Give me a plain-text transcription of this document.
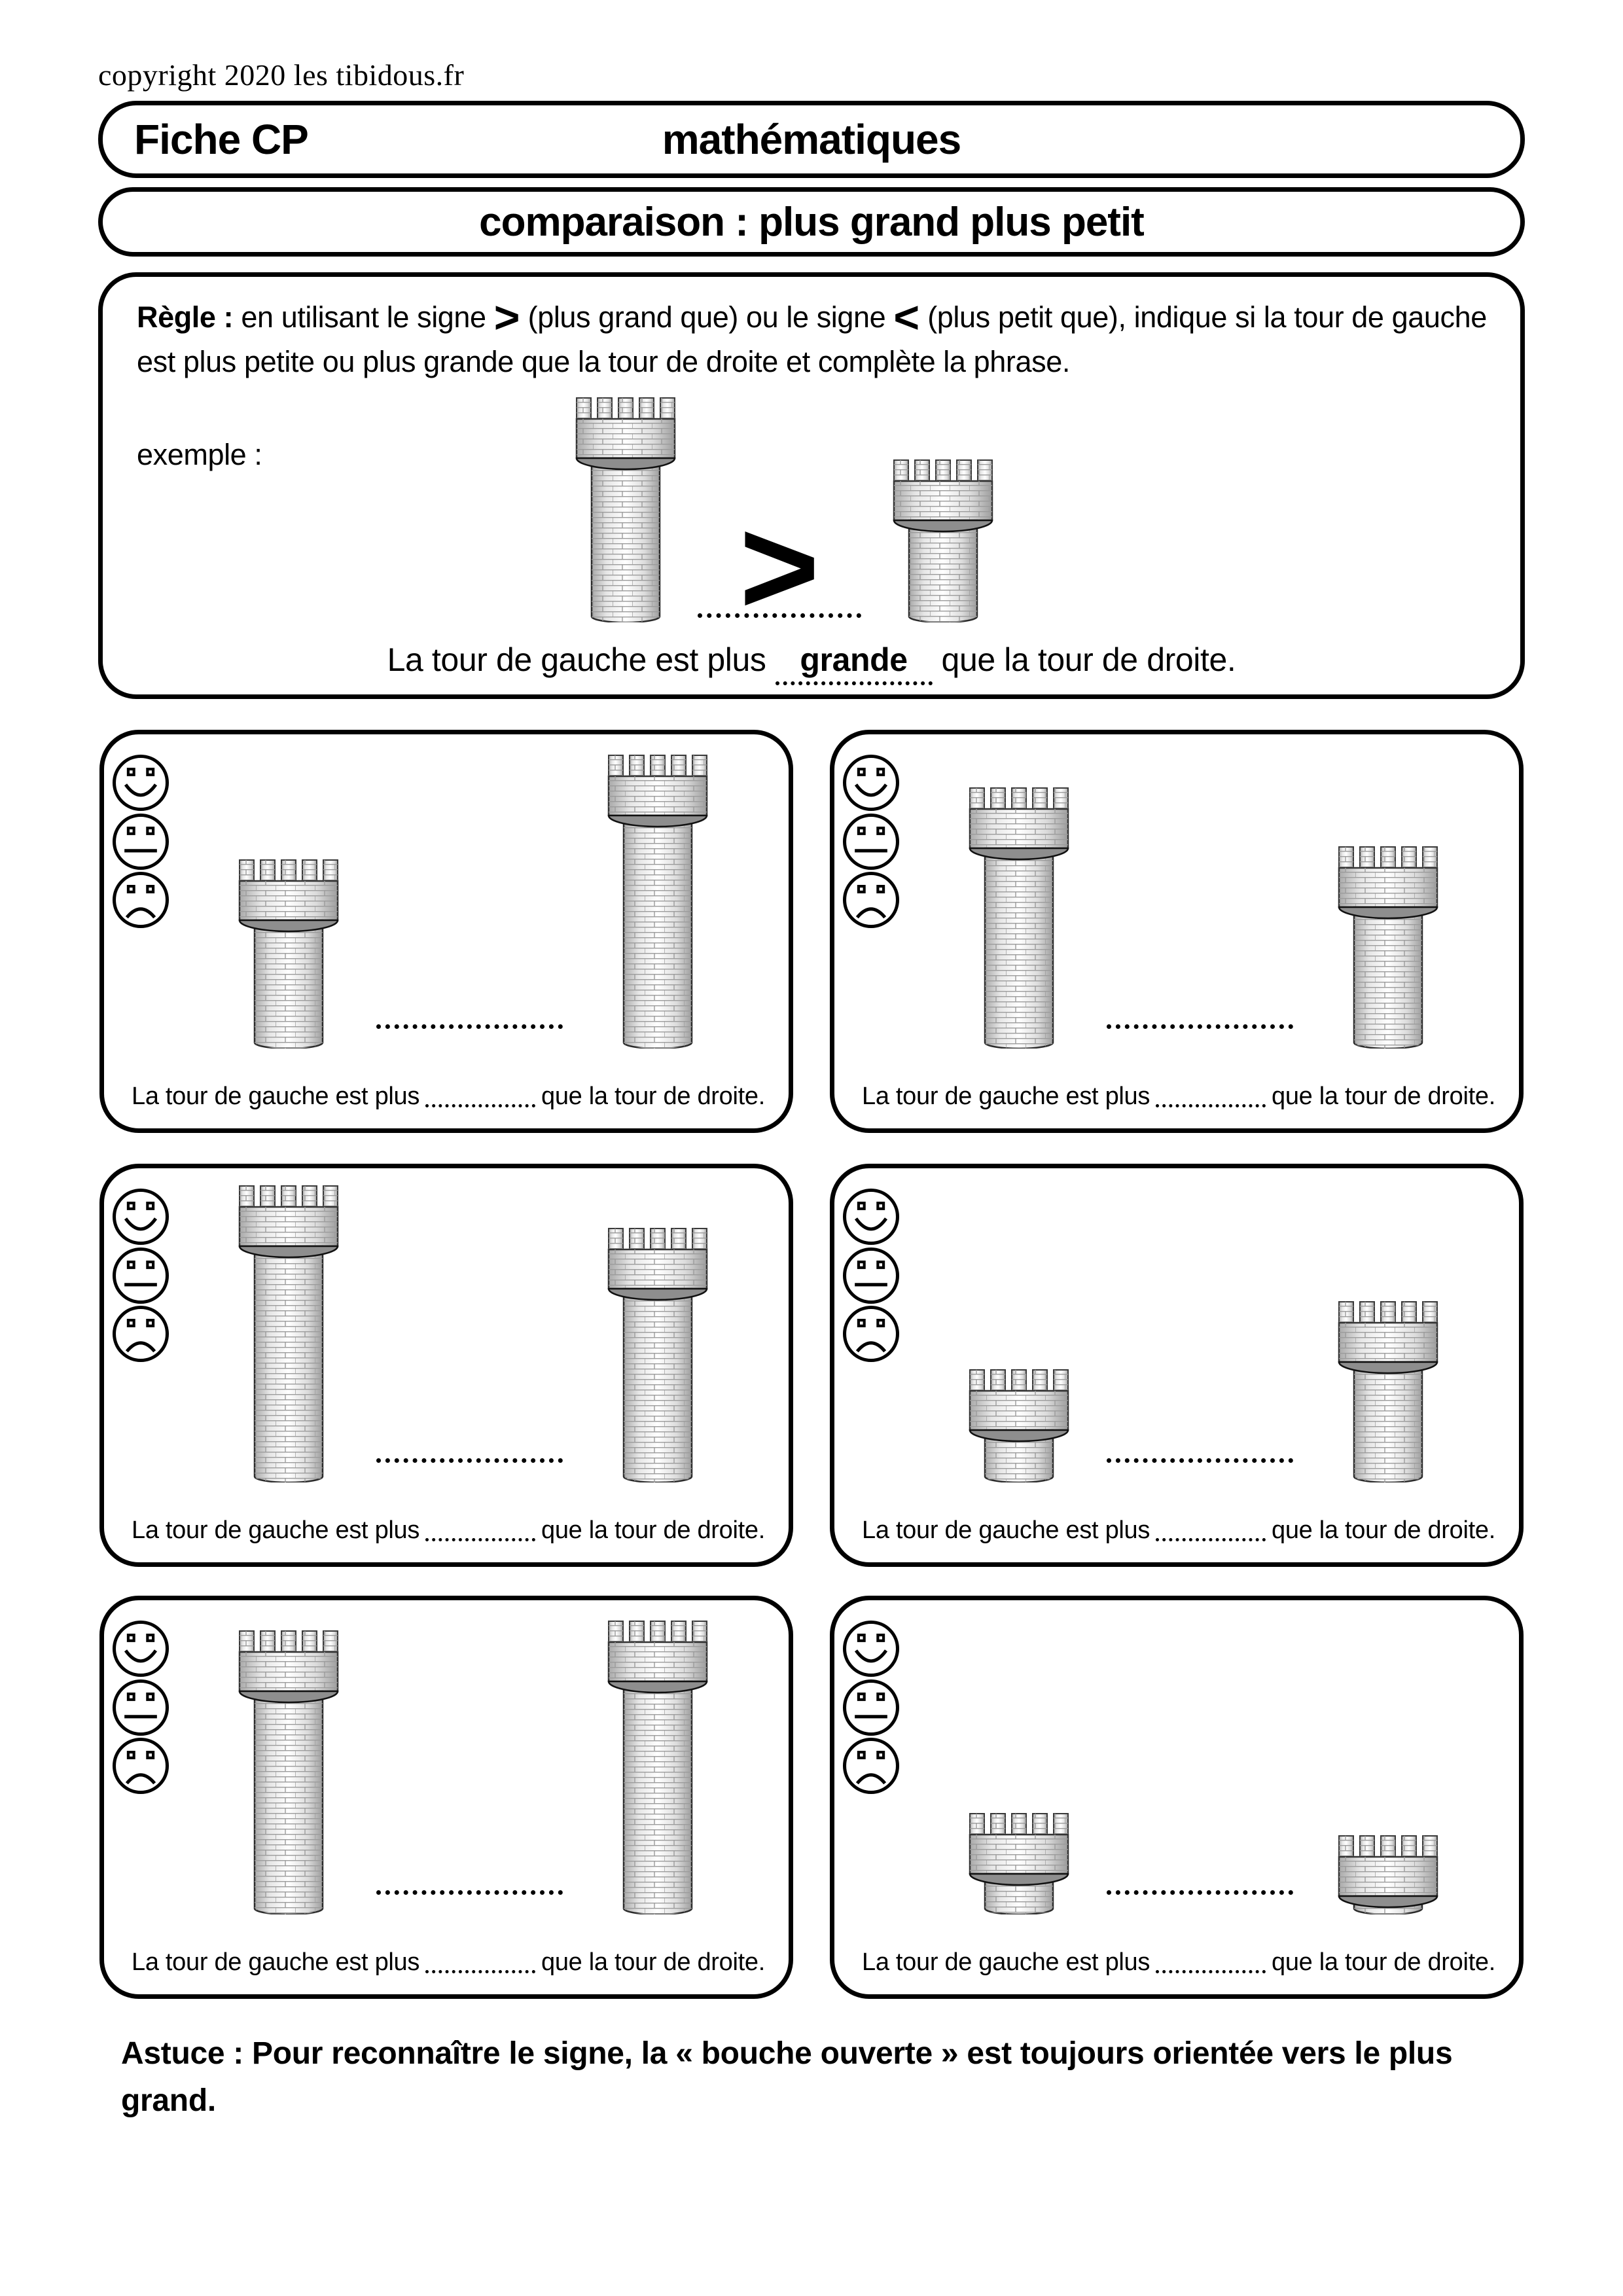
copyright 2020 les tibidous.fr
Fiche CP	mathématiques
comparaison : plus grand plus petit
Règle : en utilisant le signe > (plus grand que) ou le signe < (plus petit que), indique si la tour de gauche est plus petite ou plus grande que la tour de droite et complète la phrase.
exemple :
>
La tour de gauche est plus grande que la tour de droite.
La tour de gauche est plus	que la tour de droite.	La tour de gauche est plus	que la tour de droite.
La tour de gauche est plus	que la tour de droite.	La tour de gauche est plus	que la tour de droite.
La tour de gauche est plus	que la tour de droite.	La tour de gauche est plus	que la tour de droite.
Astuce : Pour reconnaître le signe, la « bouche ouverte » est toujours orientée vers le plus grand.
